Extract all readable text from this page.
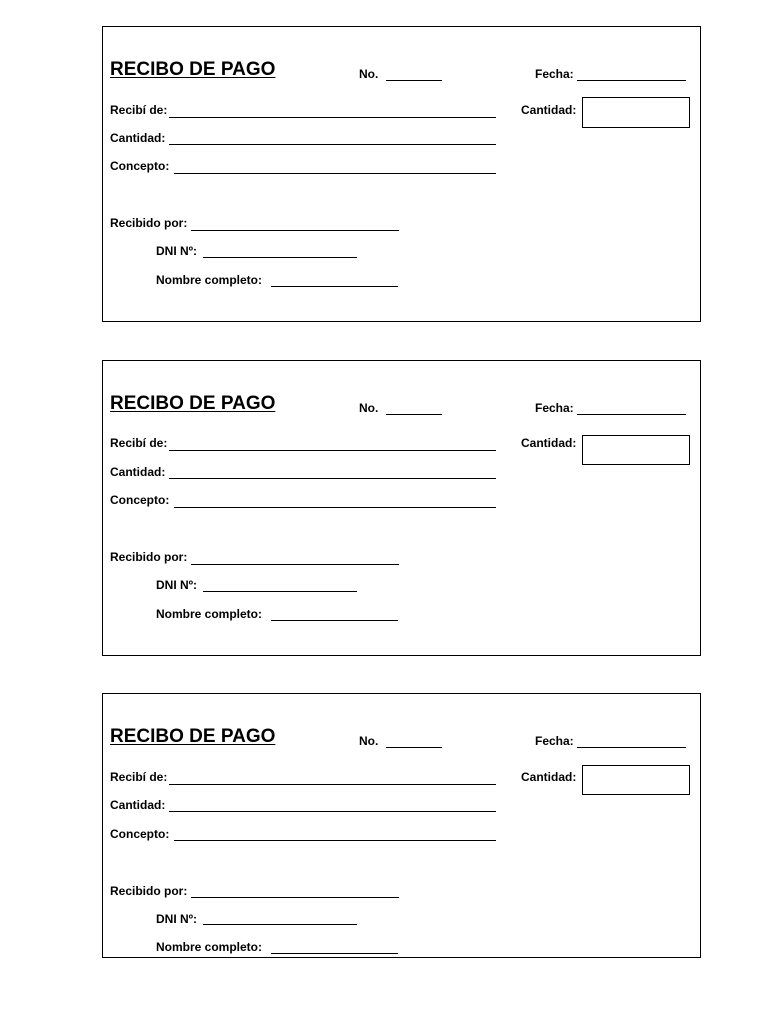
RECIBO DE PAGO	No.	Fecha:
Cantidad:
Recibí de:
Cantidad:
Concepto:
Recibido por:
DNI Nº:
Nombre completo:
RECIBO DE PAGO	No.	Fecha:
Cantidad:
Recibí de:
Cantidad:
Concepto:
Recibido por:
DNI Nº:
Nombre completo:
RECIBO DE PAGO	No.	Fecha:
Cantidad:
Recibí de:
Cantidad:
Concepto:
Recibido por:
DNI Nº:
Nombre completo:
